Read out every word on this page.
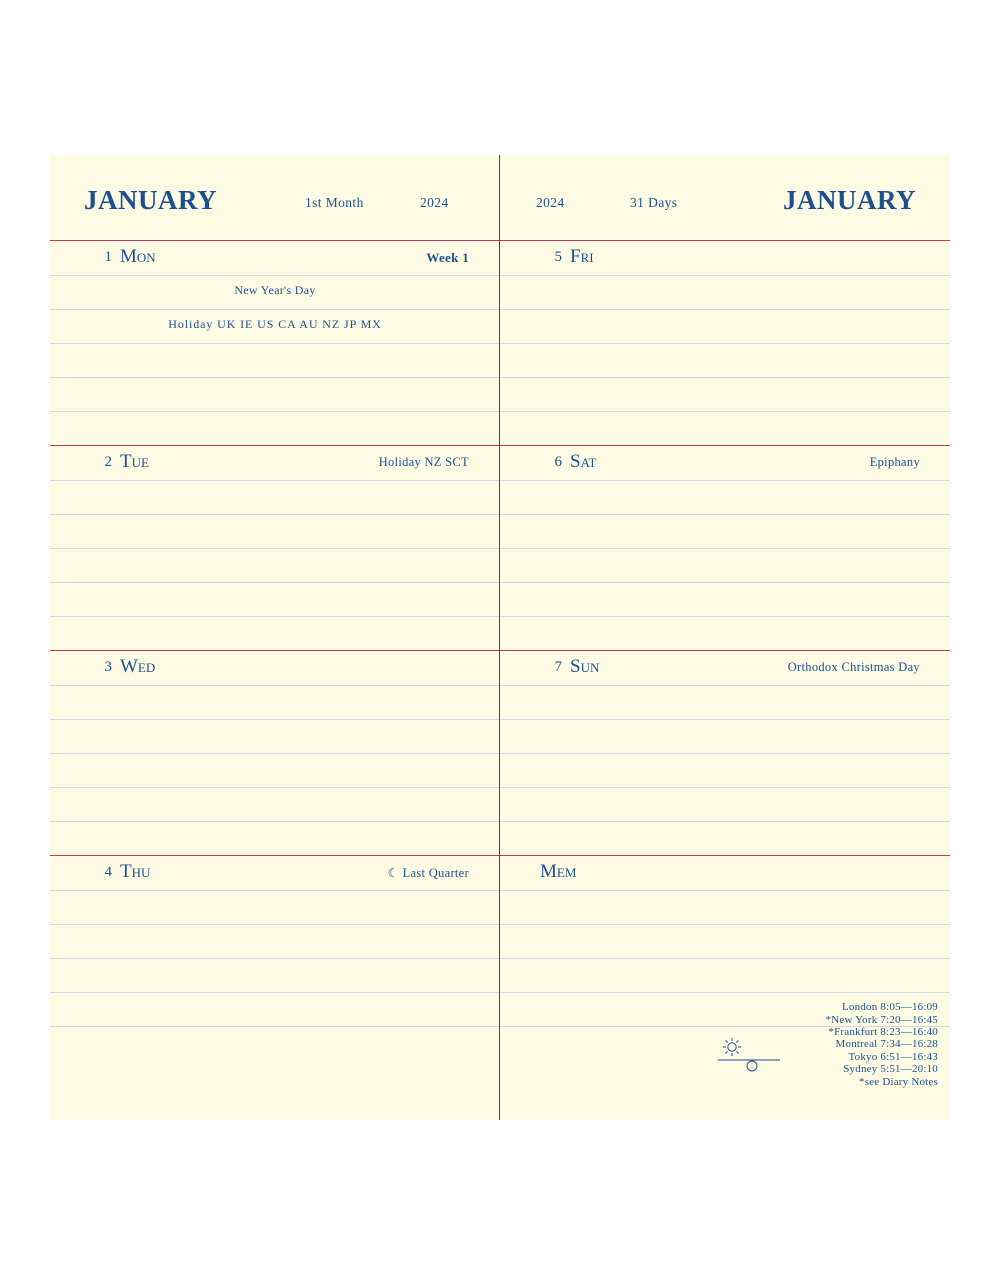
JANUARY	1st Month	2024
1 Mon	Week 1
New Year's Day
Holiday UK IE US CA AU NZ JP MX
2 Tue	Holiday NZ SCT
3 Wed
4 Thu	☾ Last Quarter
JANUARY
2024	31 Days
5 Fri
6 Sat	Epiphany
7 Sun	Orthodox Christmas Day
Mem
London 8:05—16:09
*New York 7:20—16:45
*Frankfurt 8:23—16:40
Montreal 7:34—16:28
Tokyo 6:51—16:43
Sydney 5:51—20:10
*see Diary Notes
